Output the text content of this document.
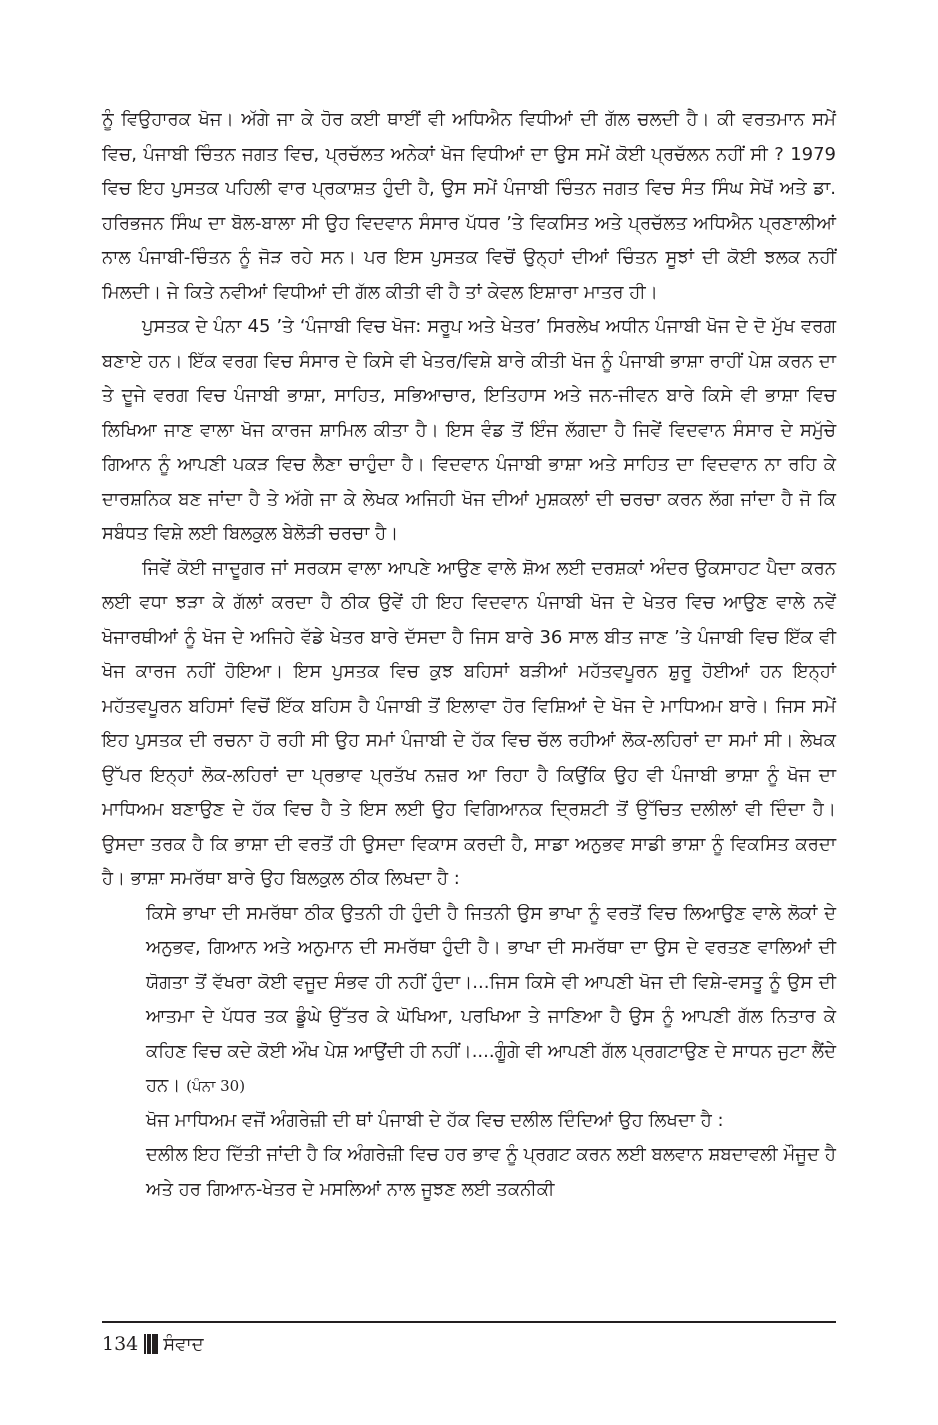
ਨੂੰ ਵਿਉਹਾਰਕ ਖੋਜ। ਅੱਗੇ ਜਾ ਕੇ ਹੋਰ ਕਈ ਥਾਈਂ ਵੀ ਅਧਿਐਨ ਵਿਧੀਆਂ ਦੀ ਗੱਲ ਚਲਦੀ ਹੈ। ਕੀ ਵਰਤਮਾਨ ਸਮੇਂ ਵਿਚ, ਪੰਜਾਬੀ ਚਿੰਤਨ ਜਗਤ ਵਿਚ, ਪ੍ਰਚੱਲਤ ਅਨੇਕਾਂ ਖੋਜ ਵਿਧੀਆਂ ਦਾ ਉਸ ਸਮੇਂ ਕੋਈ ਪ੍ਰਚੱਲਨ ਨਹੀਂ ਸੀ ? 1979 ਵਿਚ ਇਹ ਪੁਸਤਕ ਪਹਿਲੀ ਵਾਰ ਪ੍ਰਕਾਸ਼ਤ ਹੁੰਦੀ ਹੈ, ਉਸ ਸਮੇਂ ਪੰਜਾਬੀ ਚਿੰਤਨ ਜਗਤ ਵਿਚ ਸੰਤ ਸਿੰਘ ਸੇਖੋਂ ਅਤੇ ਡਾ. ਹਰਿਭਜਨ ਸਿੰਘ ਦਾ ਬੋਲ-ਬਾਲਾ ਸੀ ਉਹ ਵਿਦਵਾਨ ਸੰਸਾਰ ਪੱਧਰ ’ਤੇ ਵਿਕਸਿਤ ਅਤੇ ਪ੍ਰਚੱਲਤ ਅਧਿਐਨ ਪ੍ਰਣਾਲੀਆਂ ਨਾਲ ਪੰਜਾਬੀ-ਚਿੰਤਨ ਨੂੰ ਜੋੜ ਰਹੇ ਸਨ। ਪਰ ਇਸ ਪੁਸਤਕ ਵਿਚੋਂ ਉਨ੍ਹਾਂ ਦੀਆਂ ਚਿੰਤਨ ਸੂਝਾਂ ਦੀ ਕੋਈ ਝਲਕ ਨਹੀਂ ਮਿਲਦੀ। ਜੇ ਕਿਤੇ ਨਵੀਆਂ ਵਿਧੀਆਂ ਦੀ ਗੱਲ ਕੀਤੀ ਵੀ ਹੈ ਤਾਂ ਕੇਵਲ ਇਸ਼ਾਰਾ ਮਾਤਰ ਹੀ।

ਪੁਸਤਕ ਦੇ ਪੰਨਾ 45 ’ਤੇ ‘ਪੰਜਾਬੀ ਵਿਚ ਖੋਜ: ਸਰੂਪ ਅਤੇ ਖੇਤਰ’ ਸਿਰਲੇਖ ਅਧੀਨ ਪੰਜਾਬੀ ਖੋਜ ਦੇ ਦੋ ਮੁੱਖ ਵਰਗ ਬਣਾਏ ਹਨ। ਇੱਕ ਵਰਗ ਵਿਚ ਸੰਸਾਰ ਦੇ ਕਿਸੇ ਵੀ ਖੇਤਰ/ਵਿਸ਼ੇ ਬਾਰੇ ਕੀਤੀ ਖੋਜ ਨੂੰ ਪੰਜਾਬੀ ਭਾਸ਼ਾ ਰਾਹੀਂ ਪੇਸ਼ ਕਰਨ ਦਾ ਤੇ ਦੂਜੇ ਵਰਗ ਵਿਚ ਪੰਜਾਬੀ ਭਾਸ਼ਾ, ਸਾਹਿਤ, ਸਭਿਆਚਾਰ, ਇਤਿਹਾਸ ਅਤੇ ਜਨ-ਜੀਵਨ ਬਾਰੇ ਕਿਸੇ ਵੀ ਭਾਸ਼ਾ ਵਿਚ ਲਿਖਿਆ ਜਾਣ ਵਾਲਾ ਖੋਜ ਕਾਰਜ ਸ਼ਾਮਿਲ ਕੀਤਾ ਹੈ। ਇਸ ਵੰਡ ਤੋਂ ਇੰਜ ਲੱਗਦਾ ਹੈ ਜਿਵੇਂ ਵਿਦਵਾਨ ਸੰਸਾਰ ਦੇ ਸਮੁੱਚੇ ਗਿਆਨ ਨੂੰ ਆਪਣੀ ਪਕੜ ਵਿਚ ਲੈਣਾ ਚਾਹੁੰਦਾ ਹੈ। ਵਿਦਵਾਨ ਪੰਜਾਬੀ ਭਾਸ਼ਾ ਅਤੇ ਸਾਹਿਤ ਦਾ ਵਿਦਵਾਨ ਨਾ ਰਹਿ ਕੇ ਦਾਰਸ਼ਨਿਕ ਬਣ ਜਾਂਦਾ ਹੈ ਤੇ ਅੱਗੇ ਜਾ ਕੇ ਲੇਖਕ ਅਜਿਹੀ ਖੋਜ ਦੀਆਂ ਮੁਸ਼ਕਲਾਂ ਦੀ ਚਰਚਾ ਕਰਨ ਲੱਗ ਜਾਂਦਾ ਹੈ ਜੋ ਕਿ ਸਬੰਧਤ ਵਿਸ਼ੇ ਲਈ ਬਿਲਕੁਲ ਬੇਲੋੜੀ ਚਰਚਾ ਹੈ।

ਜਿਵੇਂ ਕੋਈ ਜਾਦੂਗਰ ਜਾਂ ਸਰਕਸ ਵਾਲਾ ਆਪਣੇ ਆਉਣ ਵਾਲੇ ਸ਼ੋਅ ਲਈ ਦਰਸ਼ਕਾਂ ਅੰਦਰ ਉਕਸਾਹਟ ਪੈਦਾ ਕਰਨ ਲਈ ਵਧਾ ਝੜਾ ਕੇ ਗੱਲਾਂ ਕਰਦਾ ਹੈ ਠੀਕ ਉਵੇਂ ਹੀ ਇਹ ਵਿਦਵਾਨ ਪੰਜਾਬੀ ਖੋਜ ਦੇ ਖੇਤਰ ਵਿਚ ਆਉਣ ਵਾਲੇ ਨਵੇਂ ਖੋਜਾਰਥੀਆਂ ਨੂੰ ਖੋਜ ਦੇ ਅਜਿਹੇ ਵੱਡੇ ਖੇਤਰ ਬਾਰੇ ਦੱਸਦਾ ਹੈ ਜਿਸ ਬਾਰੇ 36 ਸਾਲ ਬੀਤ ਜਾਣ ’ਤੇ ਪੰਜਾਬੀ ਵਿਚ ਇੱਕ ਵੀ ਖੋਜ ਕਾਰਜ ਨਹੀਂ ਹੋਇਆ। ਇਸ ਪੁਸਤਕ ਵਿਚ ਕੁਝ ਬਹਿਸਾਂ ਬੜੀਆਂ ਮਹੱਤਵਪੂਰਨ ਸ਼ੁਰੂ ਹੋਈਆਂ ਹਨ ਇਨ੍ਹਾਂ ਮਹੱਤਵਪੂਰਨ ਬਹਿਸਾਂ ਵਿਚੋਂ ਇੱਕ ਬਹਿਸ ਹੈ ਪੰਜਾਬੀ ਤੋਂ ਇਲਾਵਾ ਹੋਰ ਵਿਸ਼ਿਆਂ ਦੇ ਖੋਜ ਦੇ ਮਾਧਿਅਮ ਬਾਰੇ। ਜਿਸ ਸਮੇਂ ਇਹ ਪੁਸਤਕ ਦੀ ਰਚਨਾ ਹੋ ਰਹੀ ਸੀ ਉਹ ਸਮਾਂ ਪੰਜਾਬੀ ਦੇ ਹੱਕ ਵਿਚ ਚੱਲ ਰਹੀਆਂ ਲੋਕ-ਲਹਿਰਾਂ ਦਾ ਸਮਾਂ ਸੀ। ਲੇਖਕ ਉੱਪਰ ਇਨ੍ਹਾਂ ਲੋਕ-ਲਹਿਰਾਂ ਦਾ ਪ੍ਰਭਾਵ ਪ੍ਰਤੱਖ ਨਜ਼ਰ ਆ ਰਿਹਾ ਹੈ ਕਿਉਂਕਿ ਉਹ ਵੀ ਪੰਜਾਬੀ ਭਾਸ਼ਾ ਨੂੰ ਖੋਜ ਦਾ ਮਾਧਿਅਮ ਬਣਾਉਣ ਦੇ ਹੱਕ ਵਿਚ ਹੈ ਤੇ ਇਸ ਲਈ ਉਹ ਵਿਗਿਆਨਕ ਦ੍ਰਿਸ਼ਟੀ ਤੋਂ ਉੱਚਿਤ ਦਲੀਲਾਂ ਵੀ ਦਿੰਦਾ ਹੈ। ਉਸਦਾ ਤਰਕ ਹੈ ਕਿ ਭਾਸ਼ਾ ਦੀ ਵਰਤੋਂ ਹੀ ਉਸਦਾ ਵਿਕਾਸ ਕਰਦੀ ਹੈ, ਸਾਡਾ ਅਨੁਭਵ ਸਾਡੀ ਭਾਸ਼ਾ ਨੂੰ ਵਿਕਸਿਤ ਕਰਦਾ ਹੈ। ਭਾਸ਼ਾ ਸਮਰੱਥਾ ਬਾਰੇ ਉਹ ਬਿਲਕੁਲ ਠੀਕ ਲਿਖਦਾ ਹੈ :

ਕਿਸੇ ਭਾਖਾ ਦੀ ਸਮਰੱਥਾ ਠੀਕ ਉਤਨੀ ਹੀ ਹੁੰਦੀ ਹੈ ਜਿਤਨੀ ਉਸ ਭਾਖਾ ਨੂੰ ਵਰਤੋਂ ਵਿਚ ਲਿਆਉਣ ਵਾਲੇ ਲੋਕਾਂ ਦੇ ਅਨੁਭਵ, ਗਿਆਨ ਅਤੇ ਅਨੁਮਾਨ ਦੀ ਸਮਰੱਥਾ ਹੁੰਦੀ ਹੈ। ਭਾਖਾ ਦੀ ਸਮਰੱਥਾ ਦਾ ਉਸ ਦੇ ਵਰਤਣ ਵਾਲਿਆਂ ਦੀ ਯੋਗਤਾ ਤੋਂ ਵੱਖਰਾ ਕੋਈ ਵਜੂਦ ਸੰਭਵ ਹੀ ਨਹੀਂ ਹੁੰਦਾ।...ਜਿਸ ਕਿਸੇ ਵੀ ਆਪਣੀ ਖੋਜ ਦੀ ਵਿਸ਼ੇ-ਵਸਤੂ ਨੂੰ ਉਸ ਦੀ ਆਤਮਾ ਦੇ ਪੱਧਰ ਤਕ ਡੂੰਘੇ ਉੱਤਰ ਕੇ ਘੋਖਿਆ, ਪਰਖਿਆ ਤੇ ਜਾਣਿਆ ਹੈ ਉਸ ਨੂੰ ਆਪਣੀ ਗੱਲ ਨਿਤਾਰ ਕੇ ਕਹਿਣ ਵਿਚ ਕਦੇ ਕੋਈ ਔਖ ਪੇਸ਼ ਆਉਂਦੀ ਹੀ ਨਹੀਂ।....ਗੂੰਗੇ ਵੀ ਆਪਣੀ ਗੱਲ ਪ੍ਰਗਟਾਉਣ ਦੇ ਸਾਧਨ ਜੁਟਾ ਲੈਂਦੇ ਹਨ। (ਪੰਨਾ 30)

ਖੋਜ ਮਾਧਿਅਮ ਵਜੋਂ ਅੰਗਰੇਜ਼ੀ ਦੀ ਥਾਂ ਪੰਜਾਬੀ ਦੇ ਹੱਕ ਵਿਚ ਦਲੀਲ ਦਿੰਦਿਆਂ ਉਹ ਲਿਖਦਾ ਹੈ :

ਦਲੀਲ ਇਹ ਦਿੱਤੀ ਜਾਂਦੀ ਹੈ ਕਿ ਅੰਗਰੇਜ਼ੀ ਵਿਚ ਹਰ ਭਾਵ ਨੂੰ ਪ੍ਰਗਟ ਕਰਨ ਲਈ ਬਲਵਾਨ ਸ਼ਬਦਾਵਲੀ ਮੌਜੂਦ ਹੈ ਅਤੇ ਹਰ ਗਿਆਨ-ਖੇਤਰ ਦੇ ਮਸਲਿਆਂ ਨਾਲ ਜੂਝਣ ਲਈ ਤਕਨੀਕੀ

134 ਸੰਵਾਦ
